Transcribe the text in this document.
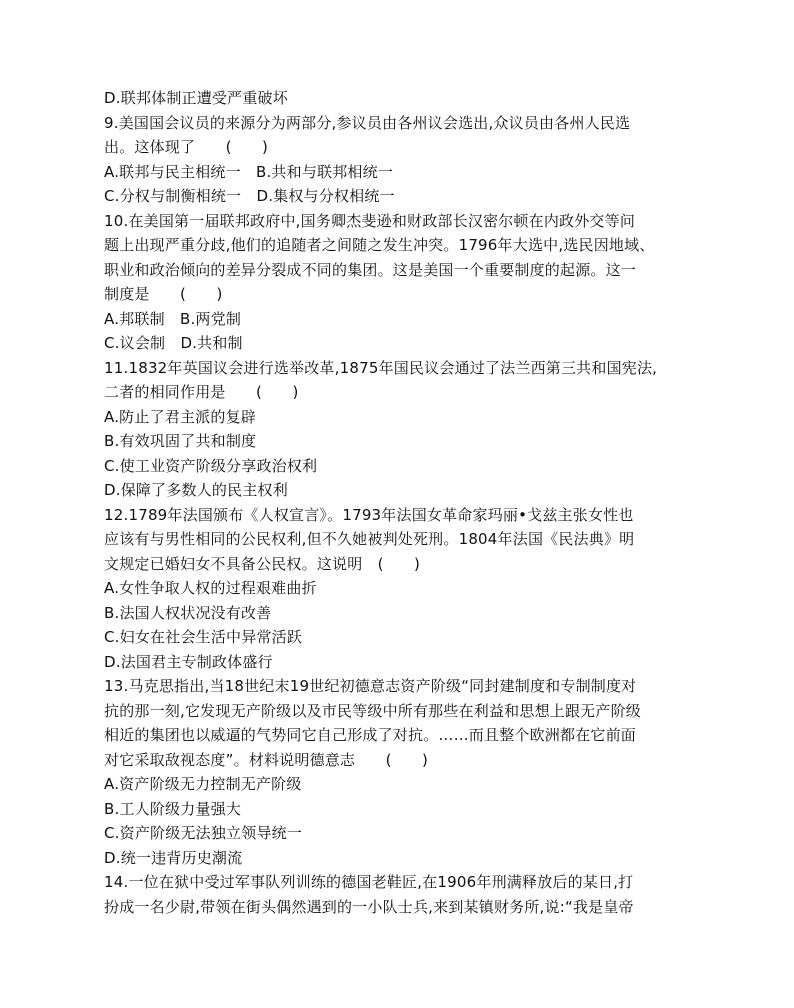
D.联邦体制正遭受严重破坏
9.美国国会议员的来源分为两部分,参议员由各州议会选出,众议员由各州人民选
出。这体现了　　(　　)
A.联邦与民主相统一　B.共和与联邦相统一
C.分权与制衡相统一　D.集权与分权相统一
10.在美国第一届联邦政府中,国务卿杰斐逊和财政部长汉密尔顿在内政外交等问
题上出现严重分歧,他们的追随者之间随之发生冲突。1796年大选中,选民因地域、
职业和政治倾向的差异分裂成不同的集团。这是美国一个重要制度的起源。这一
制度是　　(　　)
A.邦联制　B.两党制
C.议会制　D.共和制
11.1832年英国议会进行选举改革,1875年国民议会通过了法兰西第三共和国宪法,
二者的相同作用是　　(　　)
A.防止了君主派的复辟
B.有效巩固了共和制度
C.使工业资产阶级分享政治权利
D.保障了多数人的民主权利
12.1789年法国颁布《人权宣言》。1793年法国女革命家玛丽•戈兹主张女性也
应该有与男性相同的公民权利,但不久她被判处死刑。1804年法国《民法典》明
文规定已婚妇女不具备公民权。这说明　(　　)
A.女性争取人权的过程艰难曲折
B.法国人权状况没有改善
C.妇女在社会生活中异常活跃
D.法国君主专制政体盛行
13.马克思指出,当18世纪末19世纪初德意志资产阶级“同封建制度和专制制度对
抗的那一刻,它发现无产阶级以及市民等级中所有那些在利益和思想上跟无产阶级
相近的集团也以威逼的气势同它自己形成了对抗。……而且整个欧洲都在它前面
对它采取敌视态度”。材料说明德意志　　(　　)
A.资产阶级无力控制无产阶级
B.工人阶级力量强大
C.资产阶级无法独立领导统一
D.统一违背历史潮流
14.一位在狱中受过军事队列训练的德国老鞋匠,在1906年刑满释放后的某日,打
扮成一名少尉,带领在街头偶然遇到的一小队士兵,来到某镇财务所,说:“我是皇帝
